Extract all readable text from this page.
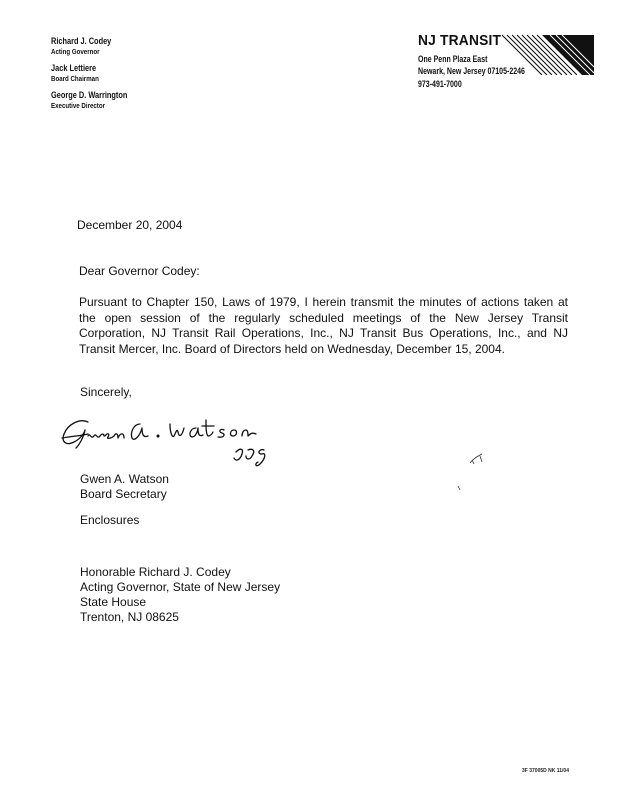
Richard J. Codey
Acting Governor
Jack Lettiere
Board Chairman
George D. Warrington
Executive Director
NJ TRANSIT
One Penn Plaza East
Newark, New Jersey 07105-2246
973-491-7000
December 20, 2004
Dear Governor Codey:
Pursuant to Chapter 150, Laws of 1979, I herein transmit the minutes of actions taken at
the open session of the regularly scheduled meetings of the New Jersey Transit
Corporation, NJ Transit Rail Operations, Inc., NJ Transit Bus Operations, Inc., and NJ
Transit Mercer, Inc. Board of Directors held on Wednesday, December 15, 2004.
Sincerely,
Gwen A. Watson
Board Secretary
Enclosures
Honorable Richard J. Codey
Acting Governor, State of New Jersey
State House
Trenton, NJ 08625
3F 37005D NK 11/04
